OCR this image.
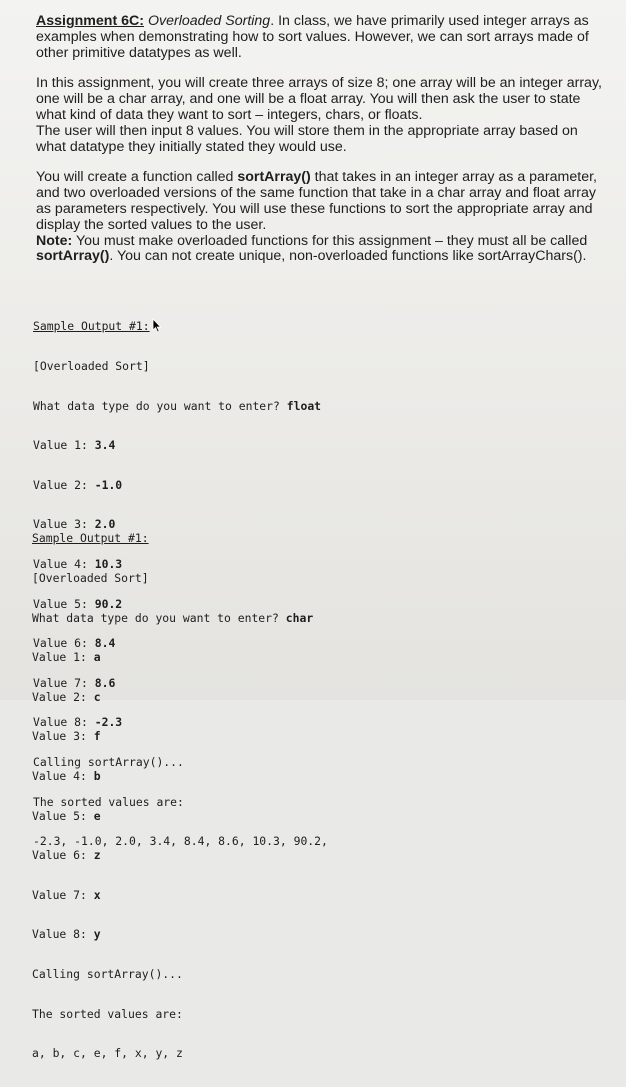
Assignment 6C: Overloaded Sorting. In class, we have primarily used integer arrays as examples when demonstrating how to sort values. However, we can sort arrays made of other primitive datatypes as well.

In this assignment, you will create three arrays of size 8; one array will be an integer array, one will be a char array, and one will be a float array. You will then ask the user to state what kind of data they want to sort – integers, chars, or floats.
The user will then input 8 values. You will store them in the appropriate array based on what datatype they initially stated they would use.

You will create a function called sortArray() that takes in an integer array as a parameter, and two overloaded versions of the same function that take in a char array and float array as parameters respectively. You will use these functions to sort the appropriate array and display the sorted values to the user.
Note: You must make overloaded functions for this assignment – they must all be called sortArray(). You can not create unique, non-overloaded functions like sortArrayChars().

Sample Output #1:

[Overloaded Sort]

What data type do you want to enter? float

Value 1: 3.4

Value 2: -1.0

Value 3: 2.0

Value 4: 10.3

Value 5: 90.2

Value 6: 8.4

Value 7: 8.6

Value 8: -2.3

Calling sortArray()...

The sorted values are:

-2.3, -1.0, 2.0, 3.4, 8.4, 8.6, 10.3, 90.2,

Sample Output #1:

[Overloaded Sort]

What data type do you want to enter? char

Value 1: a

Value 2: c

Value 3: f

Value 4: b

Value 5: e

Value 6: z

Value 7: x

Value 8: y

Calling sortArray()...

The sorted values are:

a, b, c, e, f, x, y, z
